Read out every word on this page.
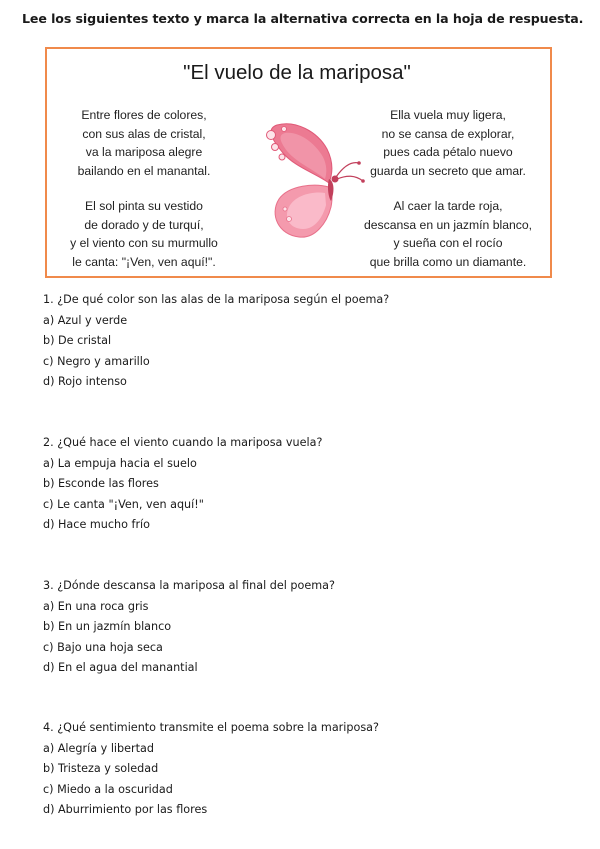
Lee los siguientes texto y marca la alternativa correcta en la hoja de respuesta.
"El vuelo de la mariposa"
Entre flores de colores,
con sus alas de cristal,
va la mariposa alegre
bailando en el manantal.
El sol pinta su vestido
de dorado y de turquí,
y el viento con su murmullo
le canta: "¡Ven, ven aquí!".
Ella vuela muy ligera,
no se cansa de explorar,
pues cada pétalo nuevo
guarda un secreto que amar.
Al caer la tarde roja,
descansa en un jazmín blanco,
y sueña con el rocío
que brilla como un diamante.
1. ¿De qué color son las alas de la mariposa según el poema?
a) Azul y verde
b) De cristal
c) Negro y amarillo
d) Rojo intenso
2. ¿Qué hace el viento cuando la mariposa vuela?
a) La empuja hacia el suelo
b) Esconde las flores
c) Le canta "¡Ven, ven aquí!"
d) Hace mucho frío
3. ¿Dónde descansa la mariposa al final del poema?
a) En una roca gris
b) En un jazmín blanco
c) Bajo una hoja seca
d) En el agua del manantial
4. ¿Qué sentimiento transmite el poema sobre la mariposa?
a) Alegría y libertad
b) Tristeza y soledad
c) Miedo a la oscuridad
d) Aburrimiento por las flores
